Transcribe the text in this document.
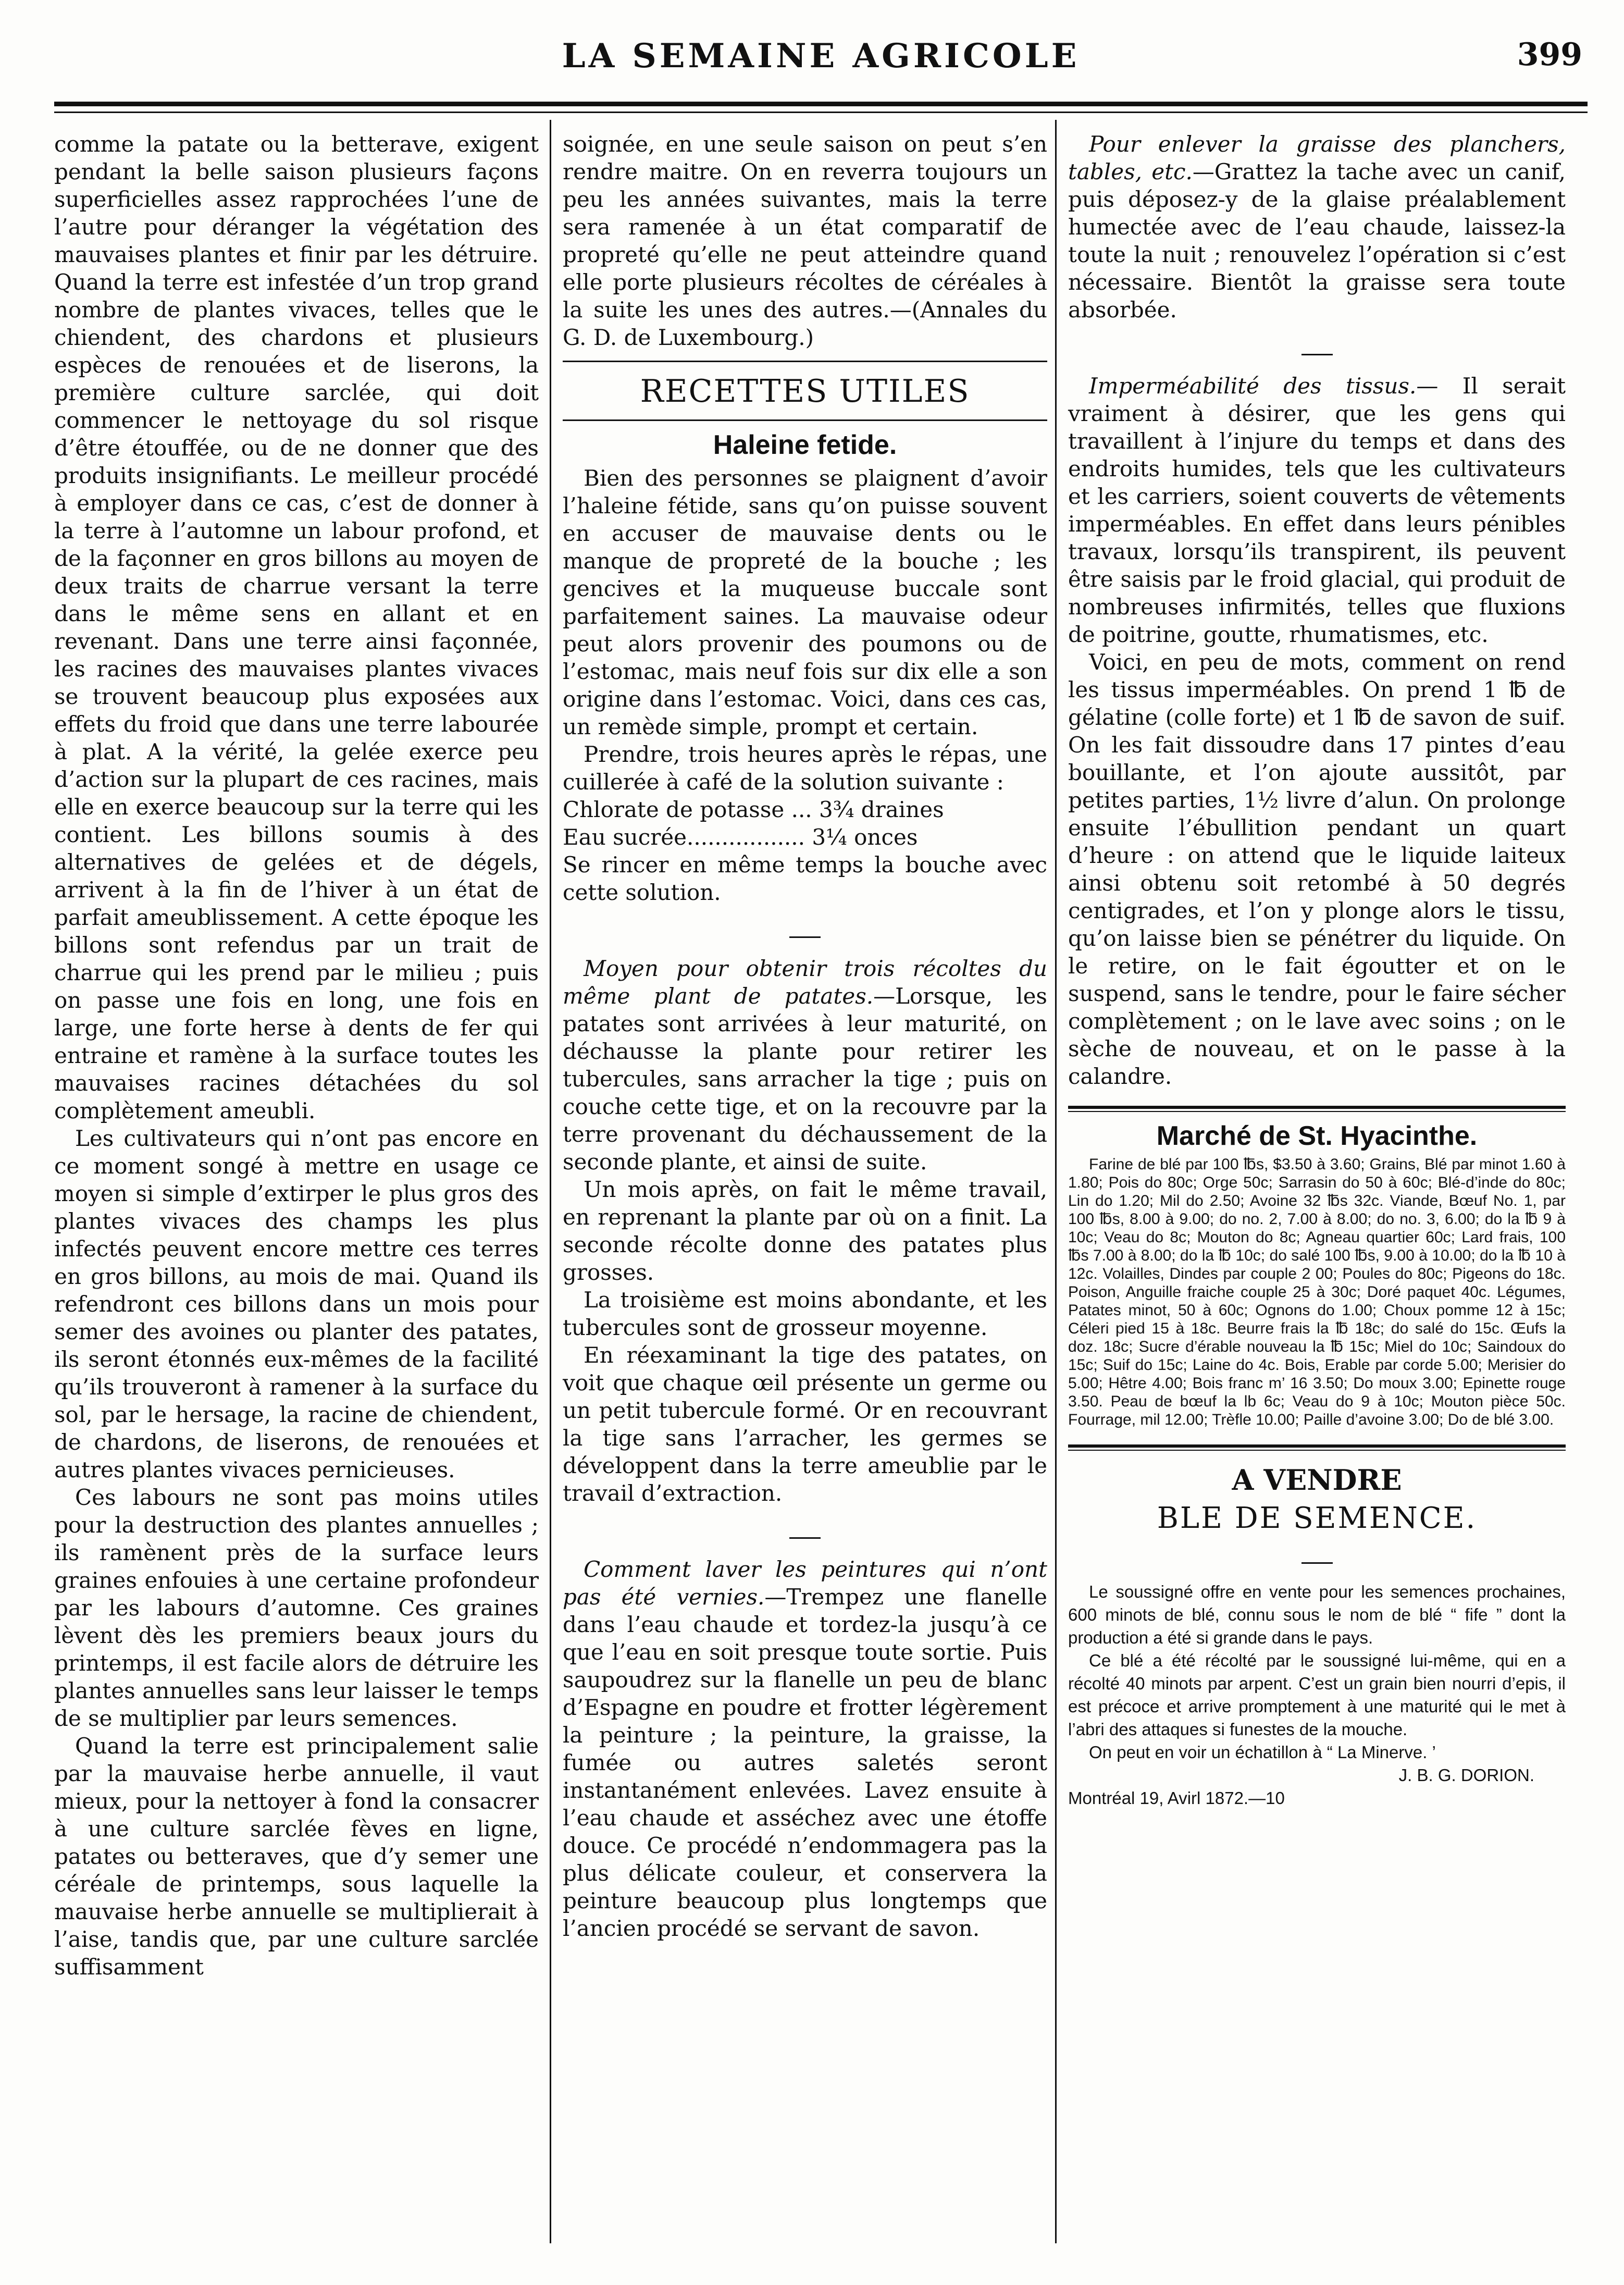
LA SEMAINE AGRICOLE	399

comme la patate ou la betterave, exigent pendant la belle saison plusieurs façons superficielles assez rapprochées l’une de l’autre pour déranger la végétation des mauvaises plantes et finir par les détruire. Quand la terre est infestée d’un trop grand nombre de plantes vivaces, telles que le chiendent, des chardons et plusieurs espèces de renouées et de liserons, la première culture sarclée, qui doit commencer le nettoyage du sol risque d’être étouffée, ou de ne donner que des produits insignifiants. Le meilleur procédé à employer dans ce cas, c’est de donner à la terre à l’automne un labour profond, et de la façonner en gros billons au moyen de deux traits de charrue versant la terre dans le même sens en allant et en revenant. Dans une terre ainsi façonnée, les racines des mauvaises plantes vivaces se trouvent beaucoup plus exposées aux effets du froid que dans une terre labourée à plat. A la vérité, la gelée exerce peu d’action sur la plupart de ces racines, mais elle en exerce beaucoup sur la terre qui les contient. Les billons soumis à des alternatives de gelées et de dégels, arrivent à la fin de l’hiver à un état de parfait ameublissement. A cette époque les billons sont refendus par un trait de charrue qui les prend par le milieu ; puis on passe une fois en long, une fois en large, une forte herse à dents de fer qui entraine et ramène à la surface toutes les mauvaises racines détachées du sol complètement ameubli.

Les cultivateurs qui n’ont pas encore en ce moment songé à mettre en usage ce moyen si simple d’extirper le plus gros des plantes vivaces des champs les plus infectés peuvent encore mettre ces terres en gros billons, au mois de mai. Quand ils refendront ces billons dans un mois pour semer des avoines ou planter des patates, ils seront étonnés eux-mêmes de la facilité qu’ils trouveront à ramener à la surface du sol, par le hersage, la racine de chiendent, de chardons, de liserons, de renouées et autres plantes vivaces pernicieuses.

Ces labours ne sont pas moins utiles pour la destruction des plantes annuelles ; ils ramènent près de la surface leurs graines enfouies à une certaine profondeur par les labours d’automne. Ces graines lèvent dès les premiers beaux jours du printemps, il est facile alors de détruire les plantes annuelles sans leur laisser le temps de se multiplier par leurs semences.

Quand la terre est principalement salie par la mauvaise herbe annuelle, il vaut mieux, pour la nettoyer à fond la consacrer à une culture sarclée fèves en ligne, patates ou betteraves, que d’y semer une céréale de printemps, sous laquelle la mauvaise herbe annuelle se multiplierait à l’aise, tandis que, par une culture sarclée suffisamment

soignée, en une seule saison on peut s’en rendre maitre. On en reverra toujours un peu les années suivantes, mais la terre sera ramenée à un état comparatif de propreté qu’elle ne peut atteindre quand elle porte plusieurs récoltes de céréales à la suite les unes des autres.—(Annales du G. D. de Luxembourg.)

RECETTES UTILES
Haleine fetide.

Bien des personnes se plaignent d’avoir l’haleine fétide, sans qu’on puisse souvent en accuser de mauvaise dents ou le manque de propreté de la bouche ; les gencives et la muqueuse buccale sont parfaitement saines. La mauvaise odeur peut alors provenir des poumons ou de l’estomac, mais neuf fois sur dix elle a son origine dans l’estomac. Voici, dans ces cas, un remède simple, prompt et certain.

Prendre, trois heures après le répas, une cuillerée à café de la solution suivante :

Chlorate de potasse ... 3¾ draines

Eau sucrée................. 3¼ onces

Se rincer en même temps la bouche avec cette solution.

Moyen pour obtenir trois récoltes du même plant de patates.—Lorsque, les patates sont arrivées à leur maturité, on déchausse la plante pour retirer les tubercules, sans arracher la tige ; puis on couche cette tige, et on la recouvre par la terre provenant du déchaussement de la seconde plante, et ainsi de suite.

Un mois après, on fait le même travail, en reprenant la plante par où on a finit. La seconde récolte donne des patates plus grosses.

La troisième est moins abondante, et les tubercules sont de grosseur moyenne.

En réexaminant la tige des patates, on voit que chaque œil présente un germe ou un petit tubercule formé. Or en recouvrant la tige sans l’arracher, les germes se développent dans la terre ameublie par le travail d’extraction.

Comment laver les peintures qui n’ont pas été vernies.—Trempez une flanelle dans l’eau chaude et tordez-la jusqu’à ce que l’eau en soit presque toute sortie. Puis saupoudrez sur la flanelle un peu de blanc d’Espagne en poudre et frotter légèrement la peinture ; la peinture, la graisse, la fumée ou autres saletés seront instantanément enlevées. Lavez ensuite à l’eau chaude et asséchez avec une étoffe douce. Ce procédé n’endommagera pas la plus délicate couleur, et conservera la peinture beaucoup plus longtemps que l’ancien procédé se servant de savon.

Pour enlever la graisse des planchers, tables, etc.—Grattez la tache avec un canif, puis déposez-y de la glaise préalablement humectée avec de l’eau chaude, laissez-la toute la nuit ; renouvelez l’opération si c’est nécessaire. Bientôt la graisse sera toute absorbée.

Imperméabilité des tissus.— Il serait vraiment à désirer, que les gens qui travaillent à l’injure du temps et dans des endroits humides, tels que les cultivateurs et les carriers, soient couverts de vêtements imperméables. En effet dans leurs pénibles travaux, lorsqu’ils transpirent, ils peuvent être saisis par le froid glacial, qui produit de nombreuses infirmités, telles que fluxions de poitrine, goutte, rhumatismes, etc.

Voici, en peu de mots, comment on rend les tissus imperméables. On prend 1 ℔ de gélatine (colle forte) et 1 ℔ de savon de suif. On les fait dissoudre dans 17 pintes d’eau bouillante, et l’on ajoute aussitôt, par petites parties, 1½ livre d’alun. On prolonge ensuite l’ébullition pendant un quart d’heure : on attend que le liquide laiteux ainsi obtenu soit retombé à 50 degrés centigrades, et l’on y plonge alors le tissu, qu’on laisse bien se pénétrer du liquide. On le retire, on le fait égoutter et on le suspend, sans le tendre, pour le faire sécher complètement ; on le lave avec soins ; on le sèche de nouveau, et on le passe à la calandre.

Marché de St. Hyacinthe.

Farine de blé par 100 ℔s, $3.50 à 3.60; Grains, Blé par minot 1.60 à 1.80; Pois do 80c; Orge 50c; Sarrasin do 50 à 60c; Blé-d’inde do 80c; Lin do 1.20; Mil do 2.50; Avoine 32 ℔s 32c. Viande, Bœuf No. 1, par 100 ℔s, 8.00 à 9.00; do no. 2, 7.00 à 8.00; do no. 3, 6.00; do la ℔ 9 à 10c; Veau do 8c; Mouton do 8c; Agneau quartier 60c; Lard frais, 100 ℔s 7.00 à 8.00; do la ℔ 10c; do salé 100 ℔s, 9.00 à 10.00; do la ℔ 10 à 12c. Volailles, Dindes par couple 2 00; Poules do 80c; Pigeons do 18c. Poison, Anguille fraiche couple 25 à 30c; Doré paquet 40c. Légumes, Patates minot, 50 à 60c; Ognons do 1.00; Choux pomme 12 à 15c; Céleri pied 15 à 18c. Beurre frais la ℔ 18c; do salé do 15c. Œufs la doz. 18c; Sucre d’érable nouveau la ℔ 15c; Miel do 10c; Saindoux do 15c; Suif do 15c; Laine do 4c. Bois, Erable par corde 5.00; Merisier do 5.00; Hêtre 4.00; Bois franc m’ 16 3.50; Do moux 3.00; Epinette rouge 3.50. Peau de bœuf la lb 6c; Veau do 9 à 10c; Mouton pièce 50c. Fourrage, mil 12.00; Trèfle 10.00; Paille d’avoine 3.00; Do de blé 3.00.

A VENDRE
BLE DE SEMENCE.

Le soussigné offre en vente pour les semences prochaines, 600 minots de blé, connu sous le nom de blé “ fife ” dont la production a été si grande dans le pays.

Ce blé a été récolté par le soussigné lui-même, qui en a récolté 40 minots par arpent. C’est un grain bien nourri d’epis, il est précoce et arrive promptement à une maturité qui le met à l’abri des attaques si funestes de la mouche.

On peut en voir un échatillon à “ La Minerve. ’

J. B. G. DORION.

Montréal 19, Avirl 1872.—10
